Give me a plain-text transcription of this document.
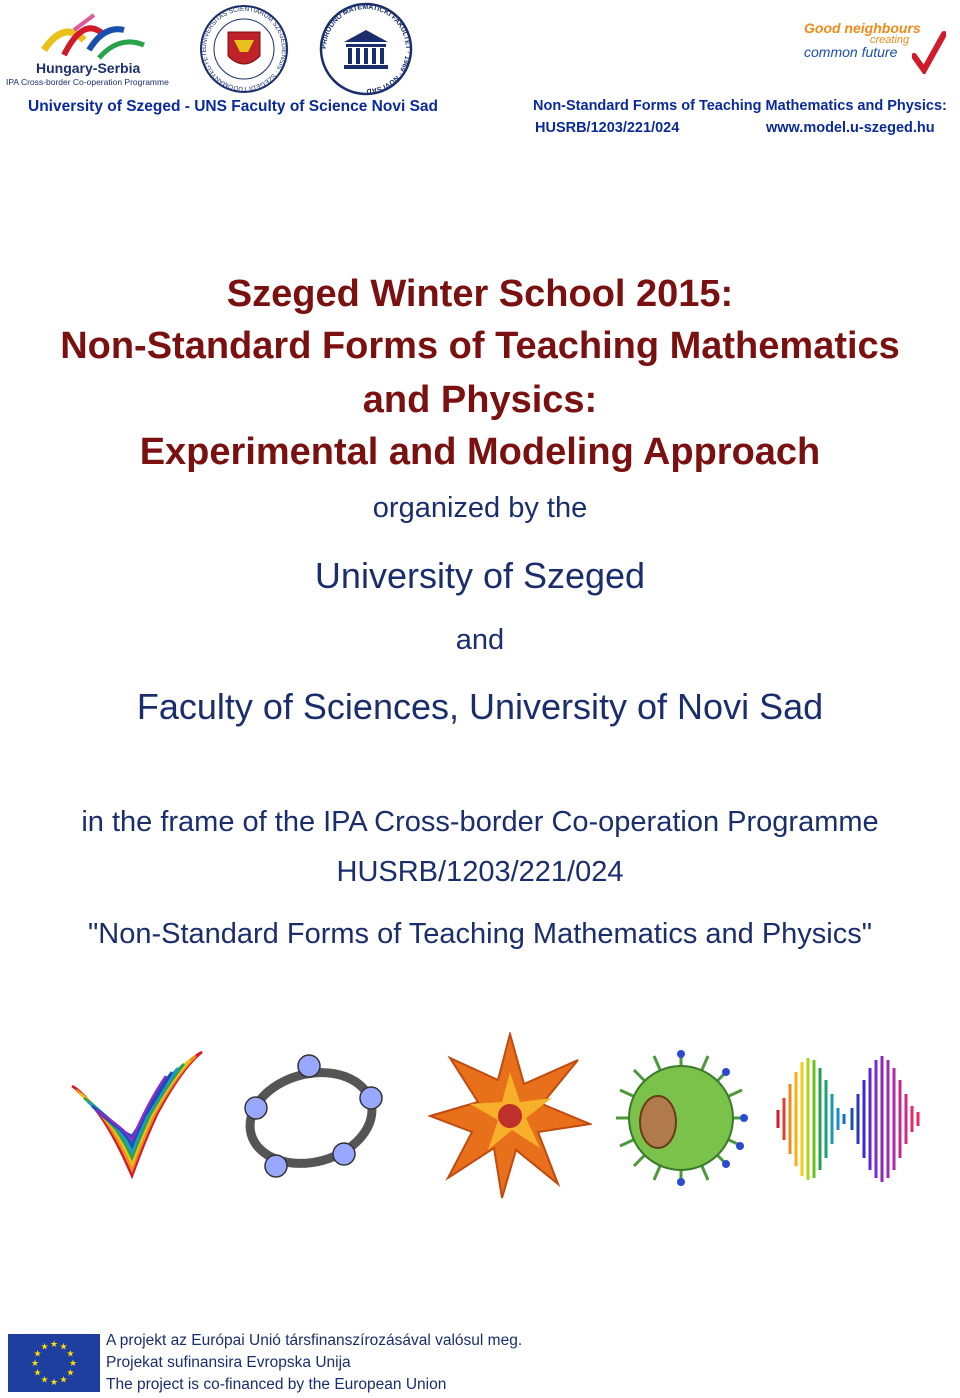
Hungary-Serbia
IPA Cross-border Co-operation Programme
UNIVERSITAS SCIENTIARUM SZEGEDIENSIS · SZEGEDI TUDOMÁNYEGYETE
PRIRODNO MATEMATIČKI FAKULTET · 1969 · NOVI SAD
Good neighbours
creating
common future
University of Szeged - UNS Faculty of Science Novi Sad	Non-Standard Forms of Teaching Mathematics and Physics:
HUSRB/1203/221/024	www.model.u-szeged.hu
Szeged Winter School 2015:
Non-Standard Forms of Teaching Mathematics
and Physics:
Experimental and Modeling Approach
organized by the
University of Szeged
and
Faculty of Sciences, University of Novi Sad
in the frame of the IPA Cross-border Co-operation Programme
HUSRB/1203/221/024
"Non-Standard Forms of Teaching Mathematics and Physics"
★ ★
★
★
★
★
★
★
★
★
★
★	A projekt az Európai Unió társfinanszírozásával valósul meg.
Projekat sufinansira Evropska Unija
The project is co-financed by the European Union
